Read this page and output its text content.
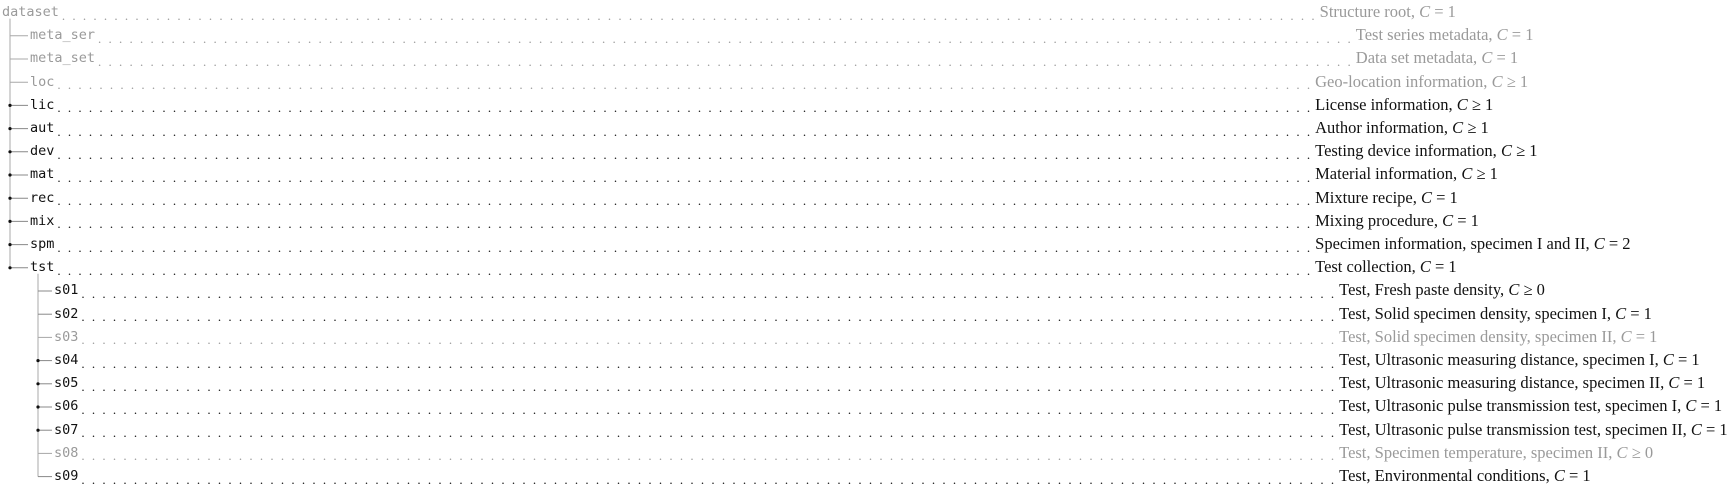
dataset . . . . . . . . . . . . . . . . . . . . . . . . . . . . . . . . . . . . . . . . . . . . . . . . . . . . . . . . . . . . . . . . . . . . . . . . . . . . . . . . . . . . . . . . . . . . . . . . . . . . . . . . . . . . . . . . . . . . . . . . Structure root, C = 1
meta_ser . . . . . . . . . . . . . . . . . . . . . . . . . . . . . . . . . . . . . . . . . . . . . . . . . . . . . . . . . . . . . . . . . . . . . . . . . . . . . . . . . . . . . . . . . . . . . . . . . . . . . . . . . . . . . . . . . . . . . . . . Test series metadata, C = 1
meta_set . . . . . . . . . . . . . . . . . . . . . . . . . . . . . . . . . . . . . . . . . . . . . . . . . . . . . . . . . . . . . . . . . . . . . . . . . . . . . . . . . . . . . . . . . . . . . . . . . . . . . . . . . . . . . . . . . . . . . . . . Data set metadata, C = 1
loc . . . . . . . . . . . . . . . . . . . . . . . . . . . . . . . . . . . . . . . . . . . . . . . . . . . . . . . . . . . . . . . . . . . . . . . . . . . . . . . . . . . . . . . . . . . . . . . . . . . . . . . . . . . . . . . . . . . . . . . . Geo-location information, C ≥ 1
lic . . . . . . . . . . . . . . . . . . . . . . . . . . . . . . . . . . . . . . . . . . . . . . . . . . . . . . . . . . . . . . . . . . . . . . . . . . . . . . . . . . . . . . . . . . . . . . . . . . . . . . . . . . . . . . . . . . . . . . . . License information, C ≥ 1
aut . . . . . . . . . . . . . . . . . . . . . . . . . . . . . . . . . . . . . . . . . . . . . . . . . . . . . . . . . . . . . . . . . . . . . . . . . . . . . . . . . . . . . . . . . . . . . . . . . . . . . . . . . . . . . . . . . . . . . . . . Author information, C ≥ 1
dev . . . . . . . . . . . . . . . . . . . . . . . . . . . . . . . . . . . . . . . . . . . . . . . . . . . . . . . . . . . . . . . . . . . . . . . . . . . . . . . . . . . . . . . . . . . . . . . . . . . . . . . . . . . . . . . . . . . . . . . . Testing device information, C ≥ 1
mat . . . . . . . . . . . . . . . . . . . . . . . . . . . . . . . . . . . . . . . . . . . . . . . . . . . . . . . . . . . . . . . . . . . . . . . . . . . . . . . . . . . . . . . . . . . . . . . . . . . . . . . . . . . . . . . . . . . . . . . . Material information, C ≥ 1
rec . . . . . . . . . . . . . . . . . . . . . . . . . . . . . . . . . . . . . . . . . . . . . . . . . . . . . . . . . . . . . . . . . . . . . . . . . . . . . . . . . . . . . . . . . . . . . . . . . . . . . . . . . . . . . . . . . . . . . . . . Mixture recipe, C = 1
mix . . . . . . . . . . . . . . . . . . . . . . . . . . . . . . . . . . . . . . . . . . . . . . . . . . . . . . . . . . . . . . . . . . . . . . . . . . . . . . . . . . . . . . . . . . . . . . . . . . . . . . . . . . . . . . . . . . . . . . . . Mixing procedure, C = 1
spm . . . . . . . . . . . . . . . . . . . . . . . . . . . . . . . . . . . . . . . . . . . . . . . . . . . . . . . . . . . . . . . . . . . . . . . . . . . . . . . . . . . . . . . . . . . . . . . . . . . . . . . . . . . . . . . . . . . . . . . . Specimen information, specimen I and II, C = 2
tst . . . . . . . . . . . . . . . . . . . . . . . . . . . . . . . . . . . . . . . . . . . . . . . . . . . . . . . . . . . . . . . . . . . . . . . . . . . . . . . . . . . . . . . . . . . . . . . . . . . . . . . . . . . . . . . . . . . . . . . . Test collection, C = 1
s01 . . . . . . . . . . . . . . . . . . . . . . . . . . . . . . . . . . . . . . . . . . . . . . . . . . . . . . . . . . . . . . . . . . . . . . . . . . . . . . . . . . . . . . . . . . . . . . . . . . . . . . . . . . . . . . . . . . . . . . . . Test, Fresh paste density, C ≥ 0
s02 . . . . . . . . . . . . . . . . . . . . . . . . . . . . . . . . . . . . . . . . . . . . . . . . . . . . . . . . . . . . . . . . . . . . . . . . . . . . . . . . . . . . . . . . . . . . . . . . . . . . . . . . . . . . . . . . . . . . . . . . Test, Solid specimen density, specimen I, C = 1
s03 . . . . . . . . . . . . . . . . . . . . . . . . . . . . . . . . . . . . . . . . . . . . . . . . . . . . . . . . . . . . . . . . . . . . . . . . . . . . . . . . . . . . . . . . . . . . . . . . . . . . . . . . . . . . . . . . . . . . . . . . Test, Solid specimen density, specimen II, C = 1
s04 . . . . . . . . . . . . . . . . . . . . . . . . . . . . . . . . . . . . . . . . . . . . . . . . . . . . . . . . . . . . . . . . . . . . . . . . . . . . . . . . . . . . . . . . . . . . . . . . . . . . . . . . . . . . . . . . . . . . . . . . Test, Ultrasonic measuring distance, specimen I, C = 1
s05 . . . . . . . . . . . . . . . . . . . . . . . . . . . . . . . . . . . . . . . . . . . . . . . . . . . . . . . . . . . . . . . . . . . . . . . . . . . . . . . . . . . . . . . . . . . . . . . . . . . . . . . . . . . . . . . . . . . . . . . . Test, Ultrasonic measuring distance, specimen II, C = 1
s06 . . . . . . . . . . . . . . . . . . . . . . . . . . . . . . . . . . . . . . . . . . . . . . . . . . . . . . . . . . . . . . . . . . . . . . . . . . . . . . . . . . . . . . . . . . . . . . . . . . . . . . . . . . . . . . . . . . . . . . . . Test, Ultrasonic pulse transmission test, specimen I, C = 1
s07 . . . . . . . . . . . . . . . . . . . . . . . . . . . . . . . . . . . . . . . . . . . . . . . . . . . . . . . . . . . . . . . . . . . . . . . . . . . . . . . . . . . . . . . . . . . . . . . . . . . . . . . . . . . . . . . . . . . . . . . . Test, Ultrasonic pulse transmission test, specimen II, C = 1
s08 . . . . . . . . . . . . . . . . . . . . . . . . . . . . . . . . . . . . . . . . . . . . . . . . . . . . . . . . . . . . . . . . . . . . . . . . . . . . . . . . . . . . . . . . . . . . . . . . . . . . . . . . . . . . . . . . . . . . . . . . Test, Specimen temperature, specimen II, C ≥ 0
s09 . . . . . . . . . . . . . . . . . . . . . . . . . . . . . . . . . . . . . . . . . . . . . . . . . . . . . . . . . . . . . . . . . . . . . . . . . . . . . . . . . . . . . . . . . . . . . . . . . . . . . . . . . . . . . . . . . . . . . . . . Test, Environmental conditions, C = 1
